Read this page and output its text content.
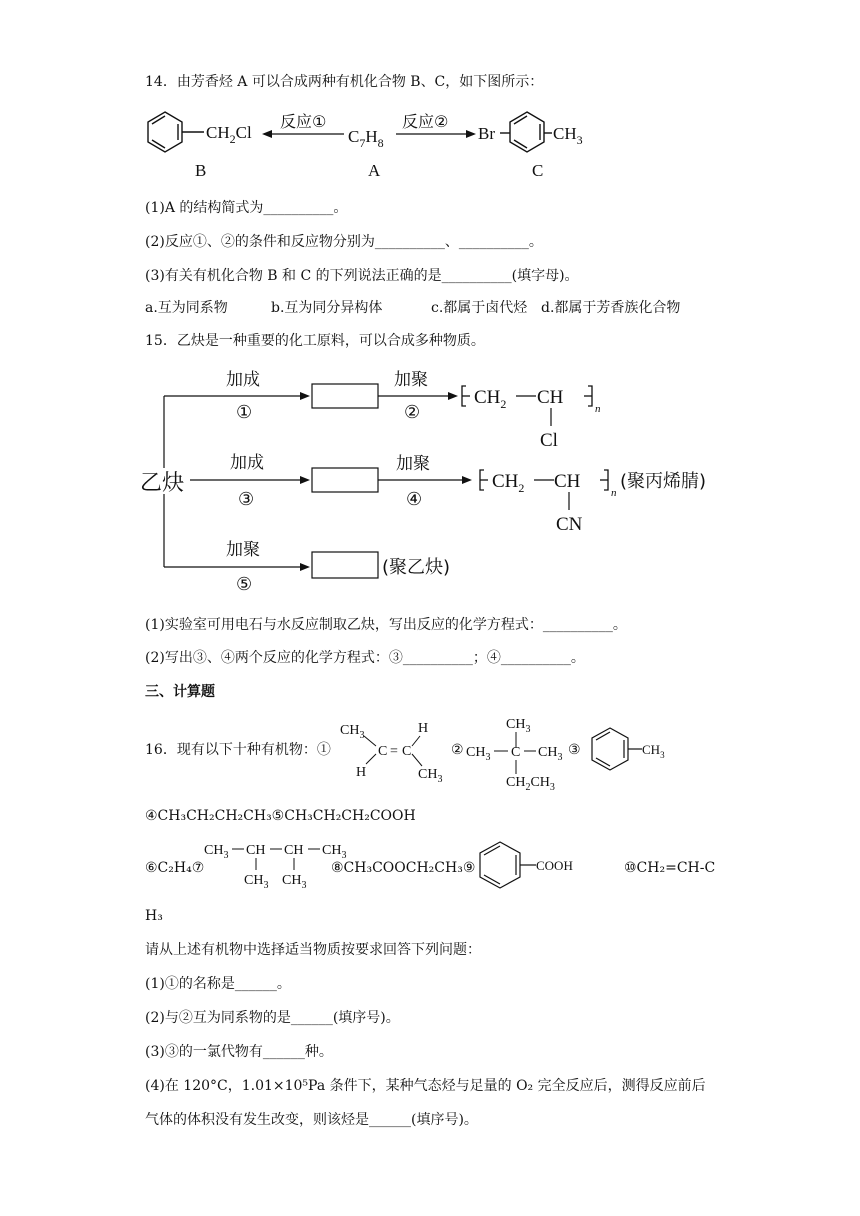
14．由芳香烃 A 可以合成两种有机化合物 B、C，如下图所示：
$CH_2Cl$
B
反应①
$C_7H_8$
A
反应②
Br	$CH_3$
C
(1)A 的结构简式为__________。
(2)反应①、②的条件和反应物分别为__________、__________。
(3)有关有机化合物 B 和 C 的下列说法正确的是__________(填字母)。
a.互为同系物	b.互为同分异构体	c.都属于卤代烃 d.都属于芳香族化合物
15．乙炔是一种重要的化工原料，可以合成多种物质。
乙炔
加成
①
加聚
②
$CH_2$ CH
n
Cl
加成
③
加聚
④
$CH_2$ CH
n
CN
(聚丙烯腈)
加聚
⑤
(聚乙炔)
(1)实验室可用电石与水反应制取乙炔，写出反应的化学方程式：__________。
(2)写出③、④两个反应的化学方程式：③__________；④__________。
三、计算题
16．现有以下十种有机物：①
$CH_3$
H
C = C
H
$CH_3$
②
$CH_3$
$CH_3$ C $CH_3$
$CH_2CH_3$
③	$CH_3$
④CH₃CH₂CH₂CH₃⑤CH₃CH₂CH₂COOH
⑥C₂H₄⑦
$CH_3$ CH CH $CH_3$
$CH_3$ $CH_3$
⑧CH₃COOCH₂CH₃⑨	COOH	⑩CH₂=CH-C
H₃
请从上述有机物中选择适当物质按要求回答下列问题：
(1)①的名称是______。
(2)与②互为同系物的是______(填序号)。
(3)③的一氯代物有______种。
(4)在 120°C，1.01×10⁵Pa 条件下，某种气态烃与足量的 O₂ 完全反应后，测得反应前后
气体的体积没有发生改变，则该烃是______(填序号)。
